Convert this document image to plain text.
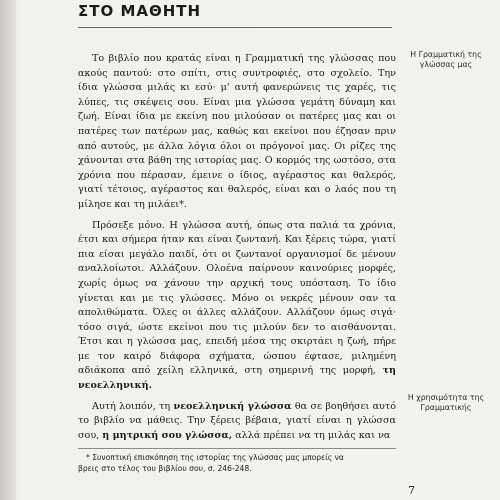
ΣΤΟ ΜΑΘΗΤΗ

Το βιβλίο που κρατάς είναι η Γραμματική της γλώσσας που ακούς παντού: στο σπίτι, στις συντροφιές, στο σχολείο. Την ίδια γλώσσα μιλάς κι εσύ· μ' αυτή φανερώνεις τις χαρές, τις λύπες, τις σκέψεις σου. Είναι μια γλώσσα γεμάτη δύναμη και ζωή. Είναι ίδια με εκείνη που μιλούσαν οι πατέρες μας και οι πατέρες των πατέρων μας, καθώς και εκείνοι που έζησαν πριν από αυτούς, με άλλα λόγια όλοι οι πρόγονοί μας. Οι ρίζες της χάνονται στα βάθη της ιστορίας μας. Ο κορμός της ωστόσο, στα χρόνια που πέρασαν, έμεινε ο ίδιος, αγέραστος και θαλερός, γιατί τέτοιος, αγέραστος και θαλερός, είναι και ο λαός που τη μίλησε και τη μιλάει*.

Πρόσεξε μόνο. Η γλώσσα αυτή, όπως στα παλιά τα χρόνια, έτσι και σήμερα ήταν και είναι ζωντανή. Και ξέρεις τώρα, γιατί πια είσαι μεγάλο παιδί, ότι οι ζωντανοί οργανισμοί δε μένουν αναλλοίωτοι. Αλλάζουν. Ολοένα παίρνουν καινούριες μορφές, χωρίς όμως να χάνουν την αρχική τους υπόσταση. Το ίδιο γίνεται και με τις γλώσσες. Μόνο οι νεκρές μένουν σαν τα απολιθώματα. Όλες οι άλλες αλλάζουν. Αλλάζουν όμως σιγά· τόσο σιγά, ώστε εκείνοι που τις μιλούν δεν το αισθάνονται. Έτσι και η γλώσσα μας, επειδή μέσα της σκιρτάει η ζωή, πήρε με τον καιρό διάφορα σχήματα, ώσπου έφτασε, μιλημένη αδιάκοπα από χείλη ελληνικά, στη σημερινή της μορφή, τη νεοελληνική.

Αυτή λοιπόν, τη νεοελληνική γλώσσα θα σε βοηθήσει αυτό το βιβλίο να μάθεις. Την ξέρεις βέβαια, γιατί είναι η γλώσσα σου, η μητρική σου γλώσσα, αλλά πρέπει να τη μιλάς και να

Η Γραμματική της γλώσσας μας
Η χρησιμότητα της Γραμματικής
* Συνοπτική επισκόπηση της ιστορίας της γλώσσας μας μπορείς να
βρεις στο τέλος του βιβλίου σου, σ. 246-248.
7
